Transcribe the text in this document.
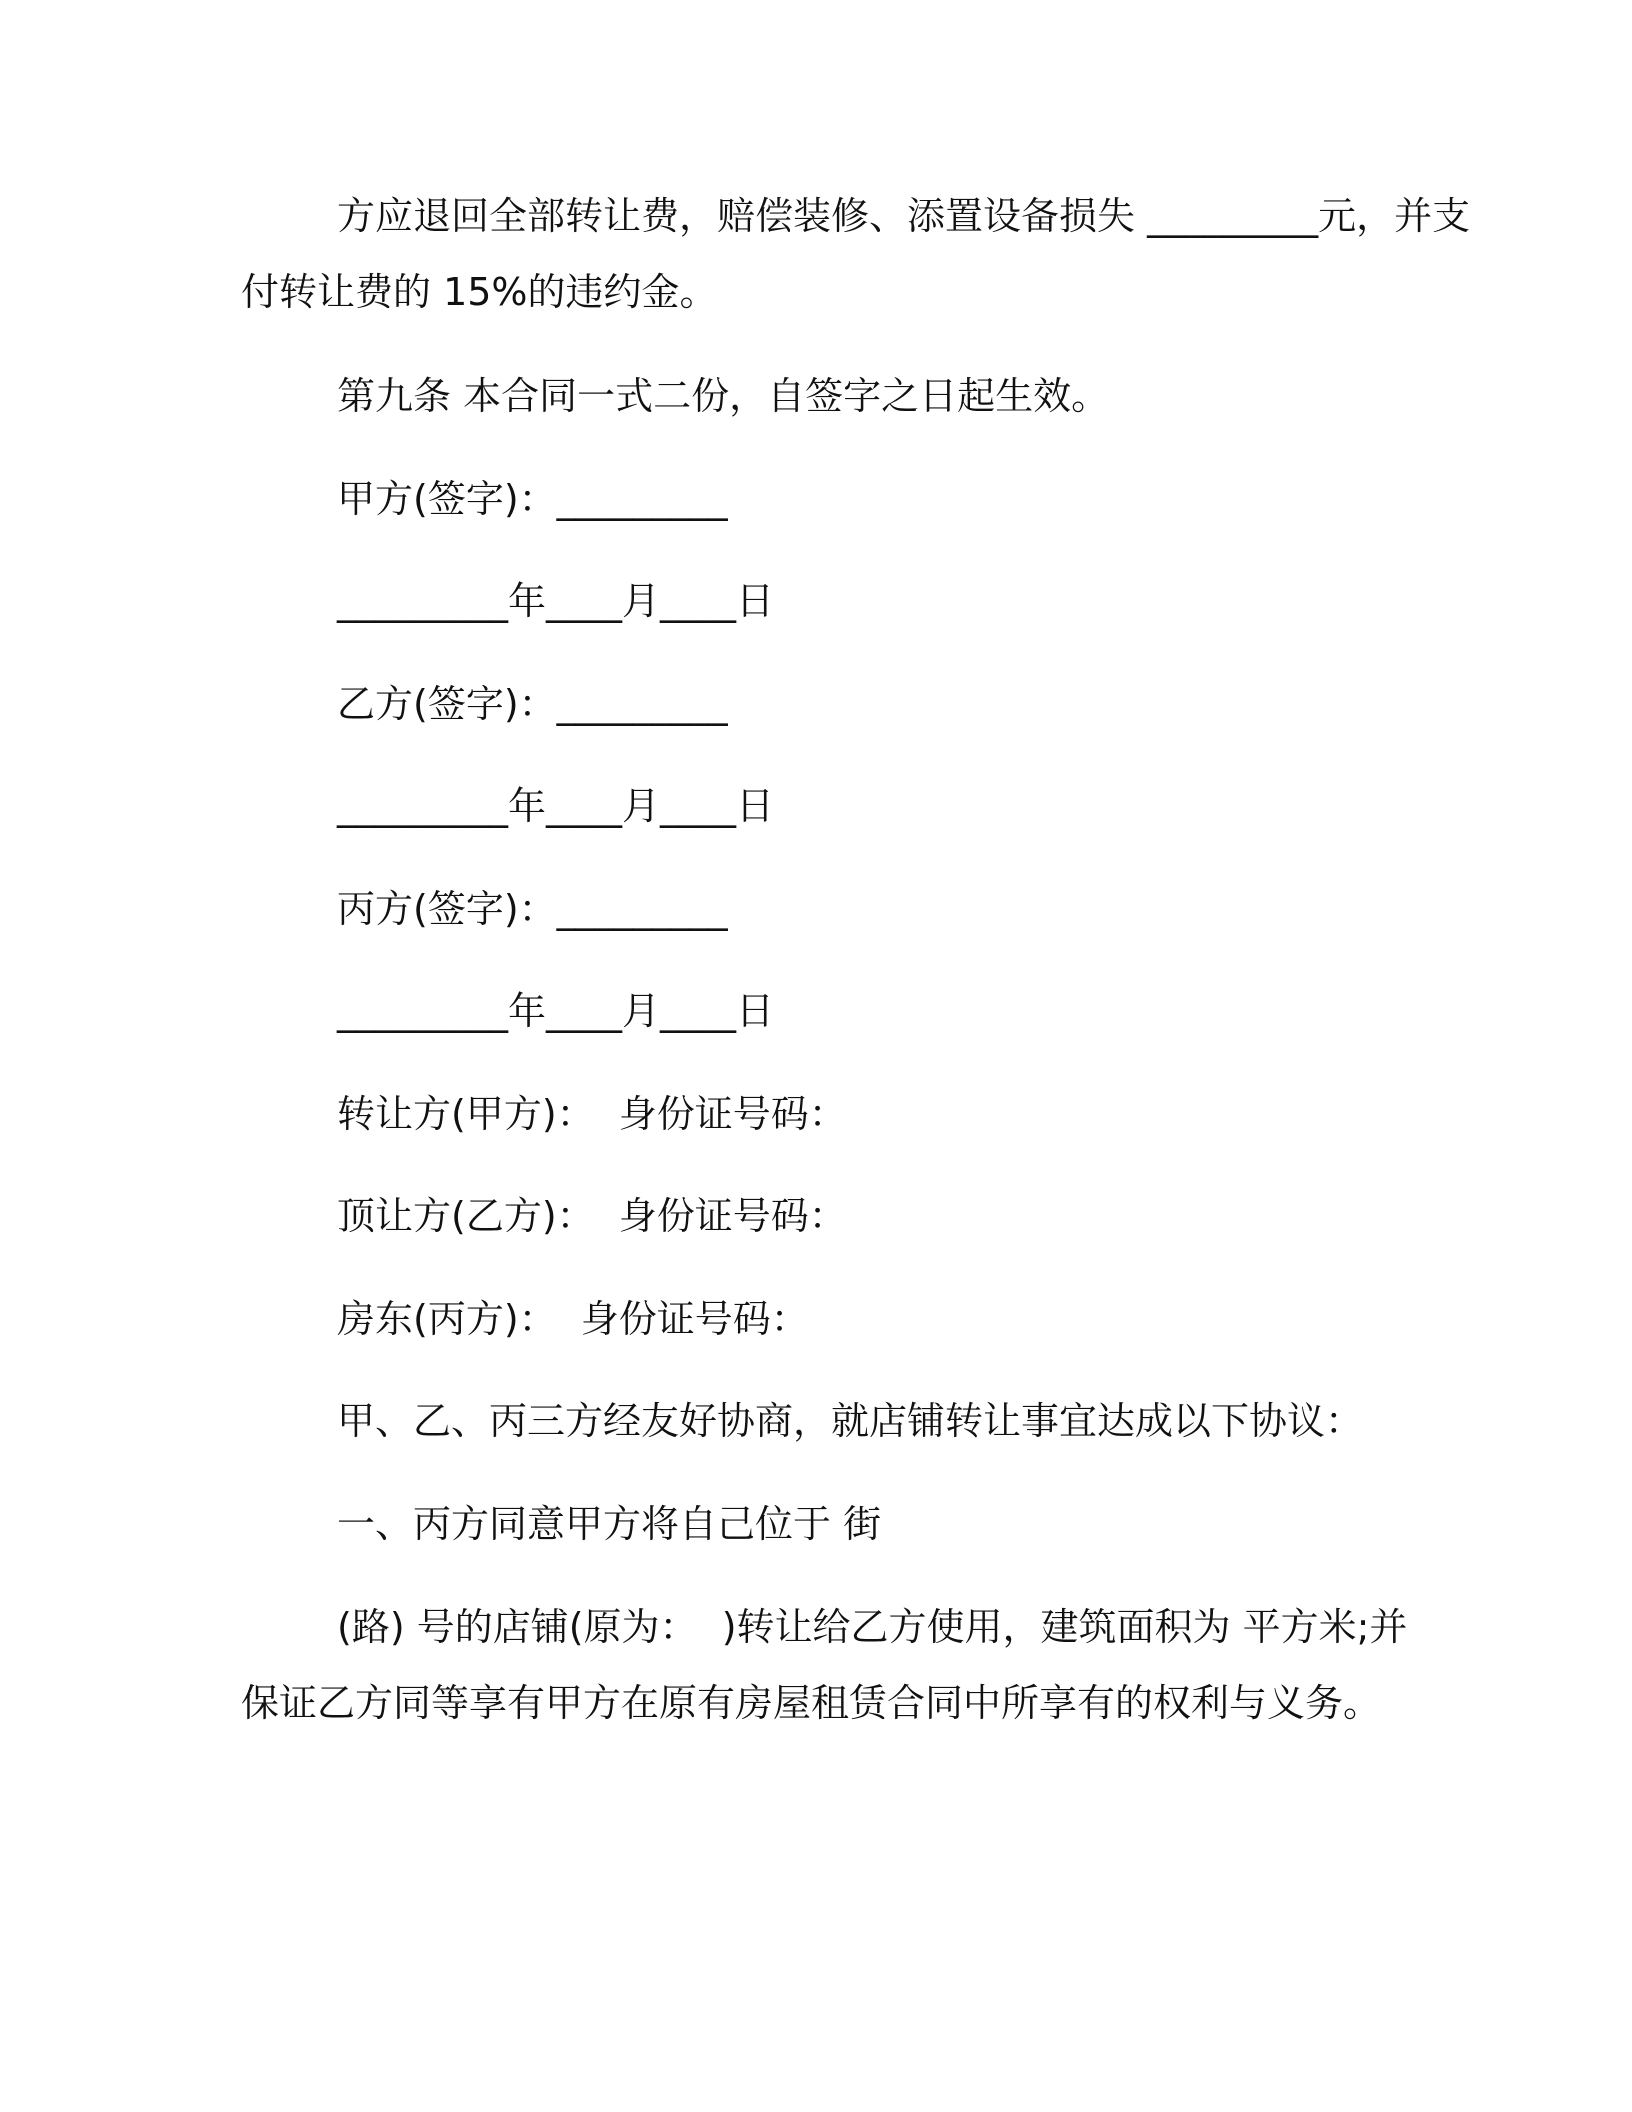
方应退回全部转让费，赔偿装修、添置设备损失 _________元，并支
付转让费的 15%的违约金。
第九条 本合同一式二份，自签字之日起生效。
甲方(签字)：_________
_________年____月____日
乙方(签字)：_________
_________年____月____日
丙方(签字)：_________
_________年____月____日
转让方(甲方)：  身份证号码：
顶让方(乙方)：  身份证号码：
房东(丙方)：  身份证号码：
甲、乙、丙三方经友好协商，就店铺转让事宜达成以下协议：
一、丙方同意甲方将自己位于 街
(路) 号的店铺(原为：  )转让给乙方使用，建筑面积为 平方米;并
保证乙方同等享有甲方在原有房屋租赁合同中所享有的权利与义务。
